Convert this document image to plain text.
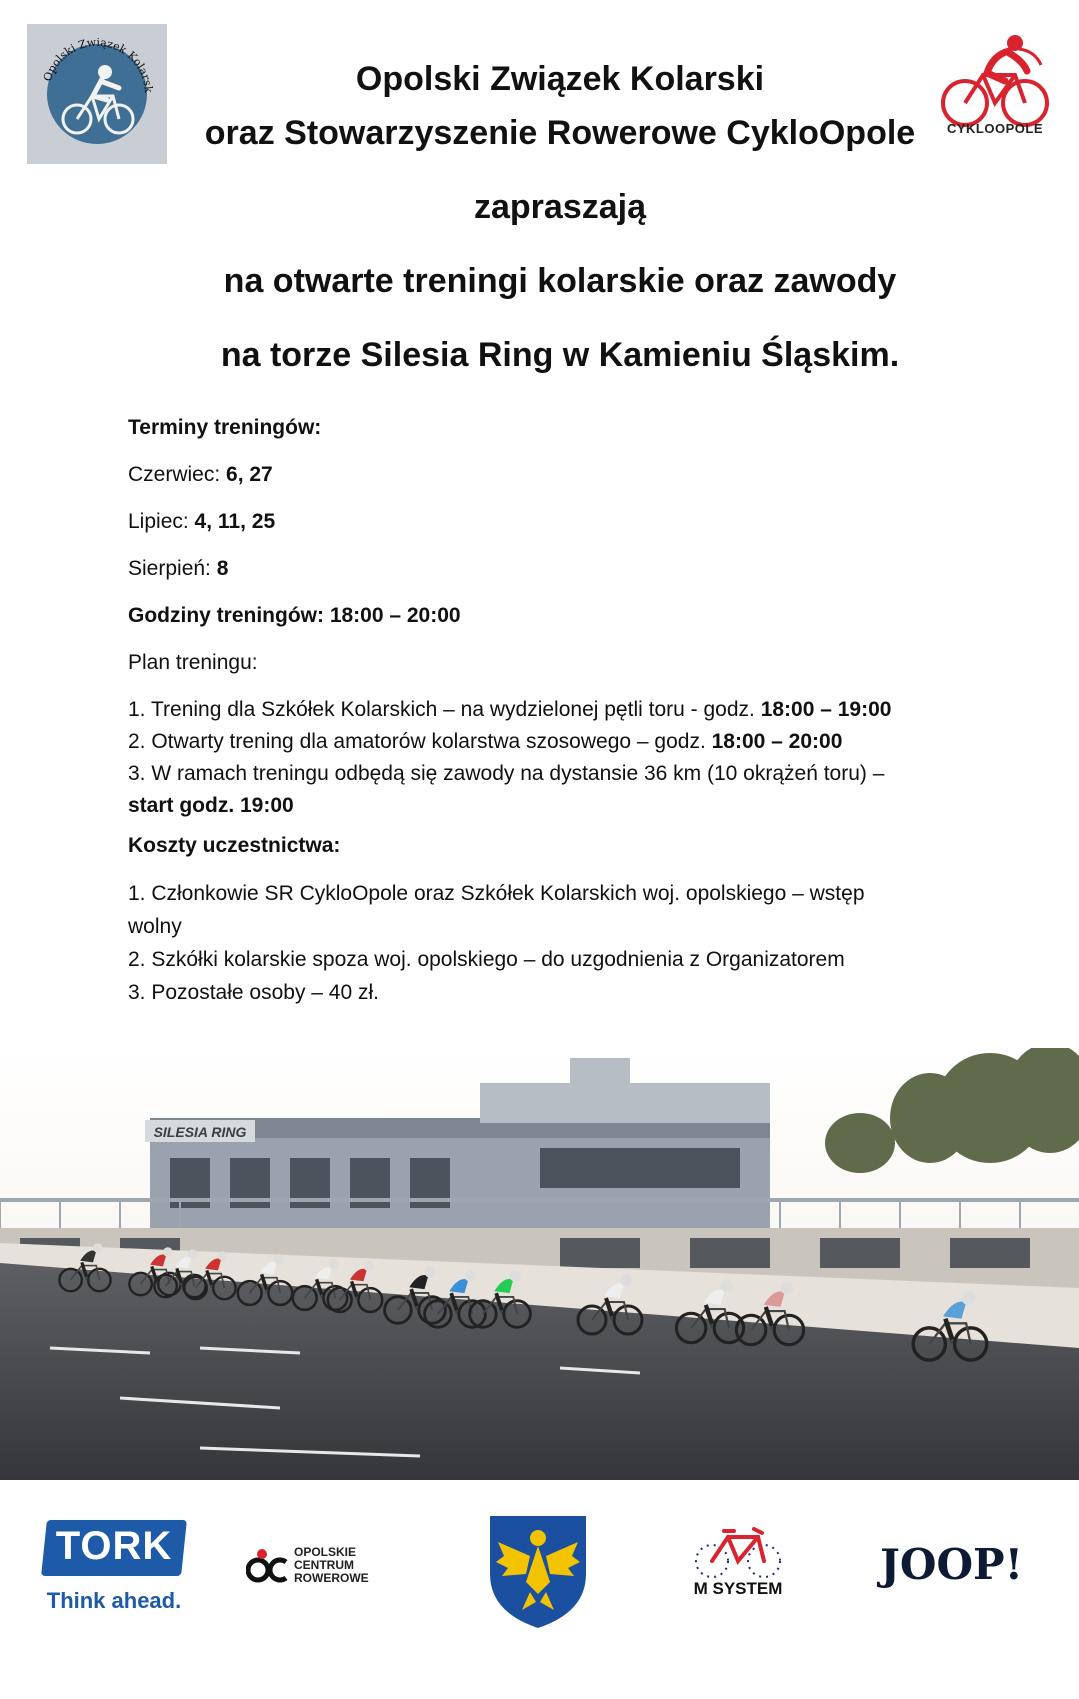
Opolski Związek Kolarsk
CYKLOOPOLE
Opolski Związek Kolarski
oraz Stowarzyszenie Rowerowe CykloOpole
zapraszają
na otwarte treningi kolarskie oraz zawody
na torze Silesia Ring w Kamieniu Śląskim.
Terminy treningów:
Czerwiec: 6, 27
Lipiec: 4, 11, 25
Sierpień: 8
Godziny treningów: 18:00 – 20:00
Plan treningu:
1. Trening dla Szkółek Kolarskich – na wydzielonej pętli toru - godz. 18:00 – 19:00
2. Otwarty trening dla amatorów kolarstwa szosowego – godz. 18:00 – 20:00
3. W ramach treningu odbędą się zawody na dystansie 36 km (10 okrążeń toru) –
start godz. 19:00
Koszty uczestnictwa:
1. Członkowie SR CykloOpole oraz Szkółek Kolarskich woj. opolskiego – wstęp
wolny
2. Szkółki kolarskie spoza woj. opolskiego – do uzgodnienia z Organizatorem
3. Pozostałe osoby – 40 zł.
SILESIA RING
TORK
Think ahead.
OPOLSKIE
CENTRUM
ROWEROWE
M SYSTEM JOOP!
